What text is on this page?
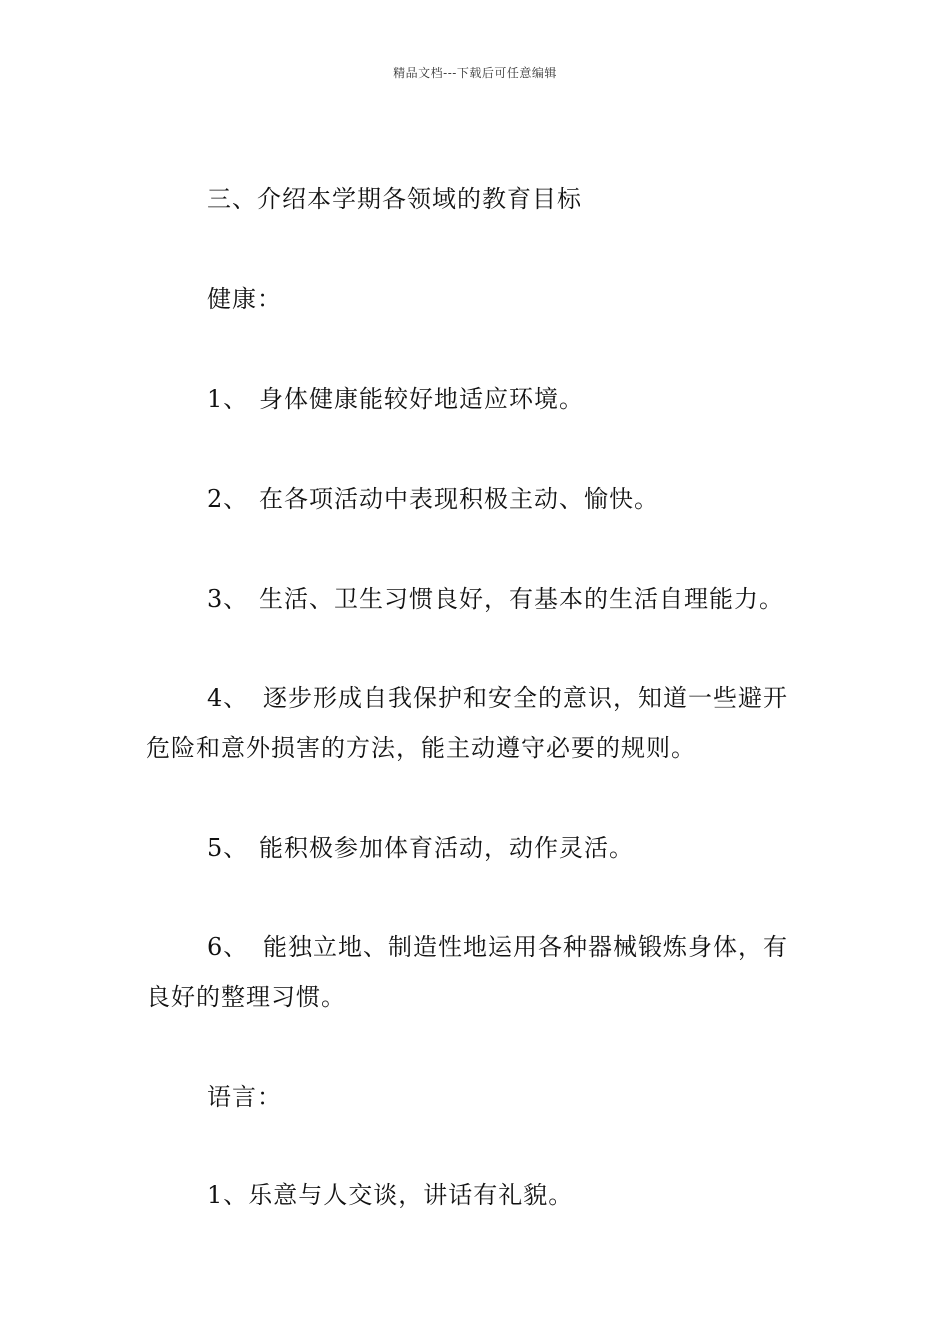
精品文档---下载后可任意编辑
三、介绍本学期各领域的教育目标
健康：
1、 身体健康能较好地适应环境。
2、 在各项活动中表现积极主动、愉快。
3、 生活、卫生习惯良好，有基本的生活自理能力。
4、 逐步形成自我保护和安全的意识，知道一些避开
危险和意外损害的方法，能主动遵守必要的规则。
5、 能积极参加体育活动，动作灵活。
6、 能独立地、制造性地运用各种器械锻炼身体，有
良好的整理习惯。
语言：
1、乐意与人交谈，讲话有礼貌。
